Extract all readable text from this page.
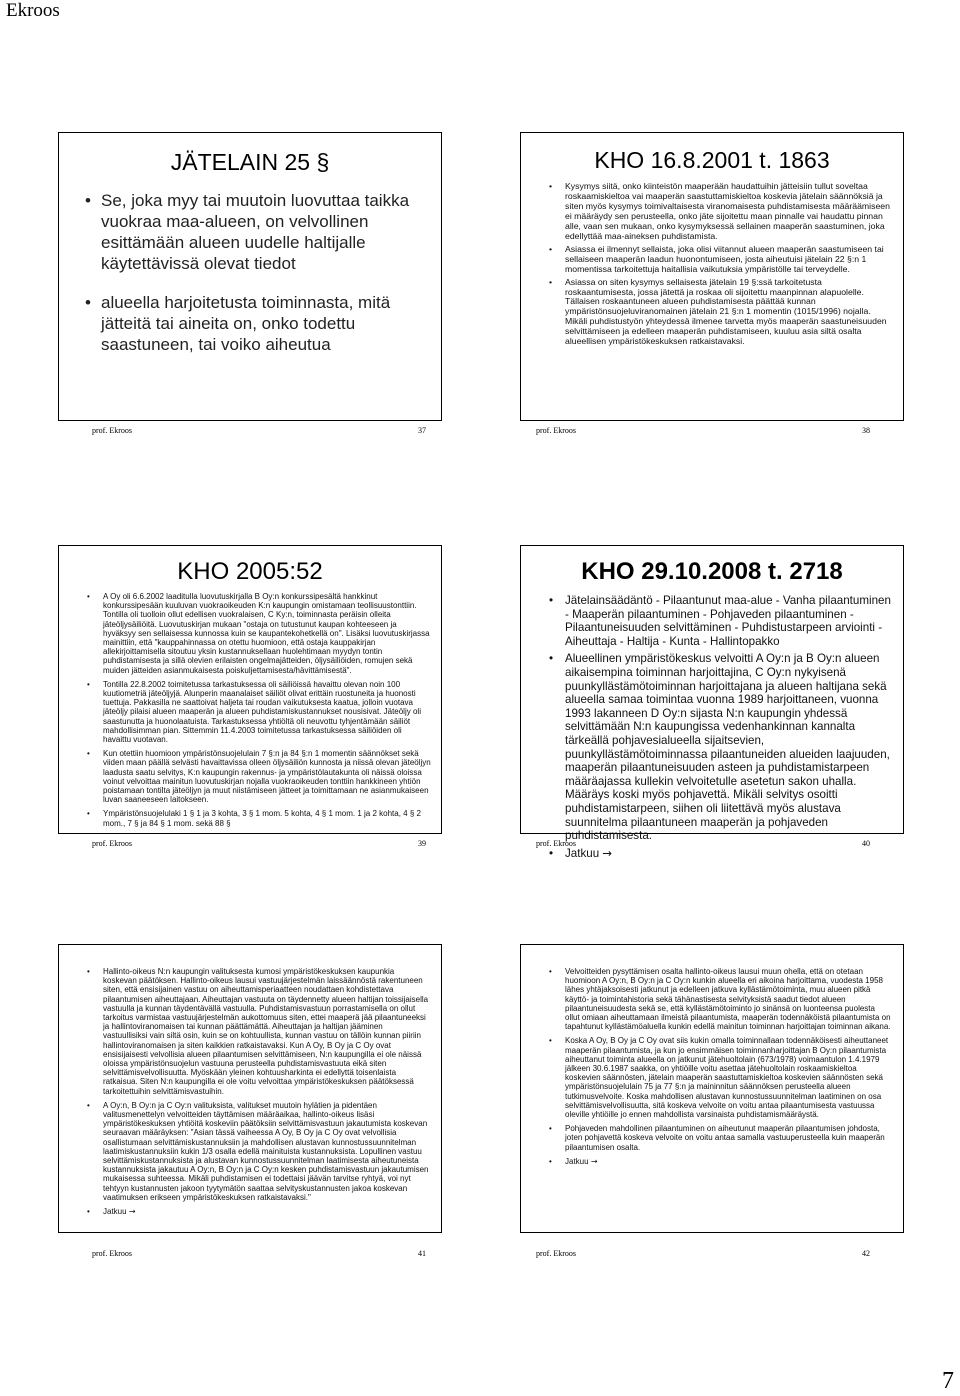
Ekroos
JÄTELAIN 25 §
• Se, joka myy tai muutoin luovuttaa taikka vuokraa maa-alueen, on velvollinen esittämään alueen uudelle haltijalle käytettävissä olevat tiedot
• alueella harjoitetusta toiminnasta, mitä jätteitä tai aineita on, onko todettu saastuneen, tai voiko aiheutua
prof. Ekroos	37
KHO 16.8.2001 t. 1863
• Kysymys siitä, onko kiinteistön maaperään haudattuihin jätteisiin tullut soveltaa roskaamiskieltoa vai maaperän saastuttamiskieltoa koskevia jätelain säännöksiä ja siten myös kysymys toimivaltaisesta viranomaisesta puhdistamisesta määräämiseen ei määräydy sen perusteella, onko jäte sijoitettu maan pinnalle vai haudattu pinnan alle, vaan sen mukaan, onko kysymyksessä sellainen maaperän saastuminen, joka edellyttää maa-aineksen puhdistamista.
• Asiassa ei ilmennyt sellaista, joka olisi viitannut alueen maaperän saastumiseen tai sellaiseen maaperän laadun huonontumiseen, josta aiheutuisi jätelain 22 §:n 1 momentissa tarkoitettuja haitallisia vaikutuksia ympäristölle tai terveydelle.
• Asiassa on siten kysymys sellaisesta jätelain 19 §:ssä tarkoitetusta roskaantumisesta, jossa jätettä ja roskaa oli sijoitettu maanpinnan alapuolelle. Tällaisen roskaantuneen alueen puhdistamisesta päättää kunnan ympäristönsuojeluviranomainen jätelain 21 §:n 1 momentin (1015/1996) nojalla. Mikäli puhdistustyön yhteydessä ilmenee tarvetta myös maaperän saastuneisuuden selvittämiseen ja edelleen maaperän puhdistamiseen, kuuluu asia siltä osalta alueellisen ympäristökeskuksen ratkaistavaksi.
prof. Ekroos	38
KHO 2005:52
• A Oy oli 6.6.2002 laaditulla luovutuskirjalla B Oy:n konkurssipesältä hankkinut konkurssipesään kuuluvan vuokraoikeuden K:n kaupungin omistamaan teollisuustonttiin. Tontilla oli tuolloin ollut edellisen vuokralaisen, C Ky:n, toiminnasta peräisin olleita jäteöljysäiliöitä. Luovutuskirjan mukaan "ostaja on tutustunut kaupan kohteeseen ja hyväksyy sen sellaisessa kunnossa kuin se kaupantekohetkellä on". Lisäksi luovutuskirjassa mainittiin, että "kauppahinnassa on otettu huomioon, että ostaja kauppakirjan allekirjoittamisella sitoutuu yksin kustannuksellaan huolehtimaan myydyn tontin puhdistamisesta ja sillä olevien erilaisten ongelmajätteiden, öljysäiliöiden, romujen sekä muiden jätteiden asianmukaisesta poiskuljettamisesta/hävittämisestä".
• Tontilla 22.8.2002 toimitetussa tarkastuksessa oli säiliöissä havaittu olevan noin 100 kuutiometriä jäteöljyjä. Alunperin maanalaiset säiliöt olivat erittäin ruostuneita ja huonosti tuettuja. Pakkasilla ne saattoivat haljeta tai roudan vaikutuksesta kaatua, jolloin vuotava jäteöljy pilaisi alueen maaperän ja alueen puhdistamiskustannukset nousisivat. Jäteöljy oli saastunutta ja huonolaatuista. Tarkastuksessa yhtiöltä oli neuvottu tyhjentämään säiliöt mahdollisimman pian. Sittemmin 11.4.2003 toimitetussa tarkastuksessa säiliöiden oli havaittu vuotavan.
• Kun otettiin huomioon ympäristönsuojelulain 7 §:n ja 84 §:n 1 momentin säännökset sekä viiden maan päällä selvästi havaittavissa olleen öljysäiliön kunnosta ja niissä olevan jäteöljyn laadusta saatu selvitys, K:n kaupungin rakennus- ja ympäristölautakunta oli näissä oloissa voinut velvoittaa mainitun luovutuskirjan nojalla vuokraoikeuden tonttiin hankkineen yhtiön poistamaan tontilta jäteöljyn ja muut niistämiseen jätteet ja toimittamaan ne asianmukaiseen luvan saaneeseen laitokseen.
• Ympäristönsuojelulaki 1 § 1 ja 3 kohta, 3 § 1 mom. 5 kohta, 4 § 1 mom. 1 ja 2 kohta, 4 § 2 mom., 7 § ja 84 § 1 mom. sekä 88 §
prof. Ekroos	39
KHO 29.10.2008 t. 2718
• Jätelainsäädäntö - Pilaantunut maa-alue - Vanha pilaantuminen - Maaperän pilaantuminen - Pohjaveden pilaantuminen - Pilaantuneisuuden selvittäminen - Puhdistustarpeen arviointi - Aiheuttaja - Haltija - Kunta - Hallintopakko
• Alueellinen ympäristökeskus velvoitti A Oy:n ja B Oy:n alueen aikaisempina toiminnan harjoittajina, C Oy:n nykyisenä puunkyllästämötoiminnan harjoittajana ja alueen haltijana sekä alueella samaa toimintaa vuonna 1989 harjoittaneen, vuonna 1993 lakanneen D Oy:n sijasta N:n kaupungin yhdessä selvittämään N:n kaupungissa vedenhankinnan kannalta tärkeällä pohjavesialueella sijaitsevien, puunkyllästämötoiminnassa pilaantuneiden alueiden laajuuden, maaperän pilaantuneisuuden asteen ja puhdistamistarpeen määräajassa kullekin velvoitetulle asetetun sakon uhalla. Määräys koski myös pohjavettä. Mikäli selvitys osoitti puhdistamistarpeen, siihen oli liitettävä myös alustava suunnitelma pilaantuneen maaperän ja pohjaveden puhdistamisesta.
• Jatkuu →
prof. Ekroos	40
• Hallinto-oikeus N:n kaupungin valituksesta kumosi ympäristökeskuksen kaupunkia koskevan päätöksen. Hallinto-oikeus lausui vastuujärjestelmän laissäännöstä rakentuneen siten, että ensisijainen vastuu on aiheuttamisperiaatteen noudattaen kohdistettava pilaantumisen aiheuttajaan. Aiheuttajan vastuuta on täydennetty alueen haltijan toissijaisella vastuulla ja kunnan täydentävällä vastuulla. Puhdistamisvastuun porrastamisella on ollut tarkoitus varmistaa vastuujärjestelmän aukottomuus siten, ettei maaperä jää pilaantuneeksi ja hallintoviranomaisen tai kunnan päättämättä. Aiheuttajan ja haltijan jääminen vastuullisiksi vain siltä osin, kuin se on kohtuullista, kunnan vastuu on tällöin kunnan piiriin hallintoviranomaisen ja siten kaikkien ratkaistavaksi. Kun A Oy, B Oy ja C Oy ovat ensisijaisesti velvollisia alueen pilaantumisen selvittämiseen, N:n kaupungilla ei ole näissä oloissa ympäristönsuojelun vastuuna perusteella puhdistamisvastuuta eikä siten selvittämisvelvollisuutta. Myöskään yleinen kohtuusharkinta ei edellyttä toisenlaista ratkaisua. Siten N:n kaupungilla ei ole voitu velvoittaa ympäristökeskuksen päätöksessä tarkoitettuihin selvittämisvastuihin.
• A Oy:n, B Oy:n ja C Oy:n valituksista, valitukset muutoin hylätien ja pidentäen valitusmenettelyn velvoitteiden täyttämisen määräaikaa, hallinto-oikeus lisäsi ympäristökeskuksen yhtiöitä koskeviin päätöksiin selvittämisvastuun jakautumista koskevan seuraavan määräyksen: "Asian tässä vaiheessa A Oy, B Oy ja C Oy ovat velvollisia osallistumaan selvittämiskustannuksiin ja mahdollisen alustavan kunnostussuunnitelman laatimiskustannuksiin kukin 1/3 osalla edellä mainituista kustannuksista. Lopullinen vastuu selvittämiskustannuksista ja alustavan kunnostussuunnitelman laatimisesta aiheutuneista kustannuksista jakautuu A Oy:n, B Oy:n ja C Oy:n kesken puhdistamisvastuun jakautumisen mukaisessa suhteessa. Mikäli puhdistamisen ei todettaisi jäävän tarvitse ryhtyä, voi nyt tehtyyn kustannusten jakoon tyytymätön saattaa selvityskustannusten jakoa koskevan vaatimuksen erikseen ympäristökeskuksen ratkaistavaksi."
• Jatkuu →
prof. Ekroos	41
• Velvoitteiden pysyttämisen osalta hallinto-oikeus lausui muun ohella, että on otetaan huomioon A Oy:n, B Oy:n ja C Oy:n kunkin alueella eri aikoina harjoittama, vuodesta 1958 lähes yhtäjaksoisesti jatkunut ja edelleen jatkuva kyllästämötoiminta, muu alueen pitkä käyttö- ja toimintahistoria sekä tähänastisesta selvityksistä saadut tiedot alueen pilaantuneisuudesta sekä se, että kyllästämötoiminto jo sinänsä on luonteensa puolesta ollut omiaan aiheuttamaan ilmeistä pilaantumista, maaperän todennäköistä pilaantumista on tapahtunut kyllästämöaluella kunkin edellä mainitun toiminnan harjoittajan toiminnan aikana.
• Koska A Oy, B Oy ja C Oy ovat siis kukin omalla toiminnallaan todennäköisesti aiheuttaneet maaperän pilaantumista, ja kun jo ensimmäisen toiminnanharjoittajan B Oy:n pilaantumista aiheuttanut toiminta alueella on jatkunut jätehuoltolain (673/1978) voimaantulon 1.4.1979 jälkeen 30.6.1987 saakka, on yhtiöille voitu asettaa jätehuoltolain roskaamiskieltoa koskevien säännösten, jätelain maaperän saastuttamiskieltoa koskevien säännösten sekä ympäristönsuojelulain 75 ja 77 §:n ja maininnitun säännöksen perusteella alueen tutkimusvelvoite. Koska mahdollisen alustavan kunnostussuunnitelman laatiminen on osa selvittämisvelvollisuutta, sitä koskeva velvoite on voitu antaa pilaantumisesta vastuussa oleville yhtiöille jo ennen mahdollista varsinaista puhdistamismääräystä.
• Pohjaveden mahdollinen pilaantuminen on aiheutunut maaperän pilaantumisen johdosta, joten pohjavettä koskeva velvoite on voitu antaa samalla vastuuperusteella kuin maaperän pilaantumisen osalta.
• Jatkuu →
prof. Ekroos	42
7
